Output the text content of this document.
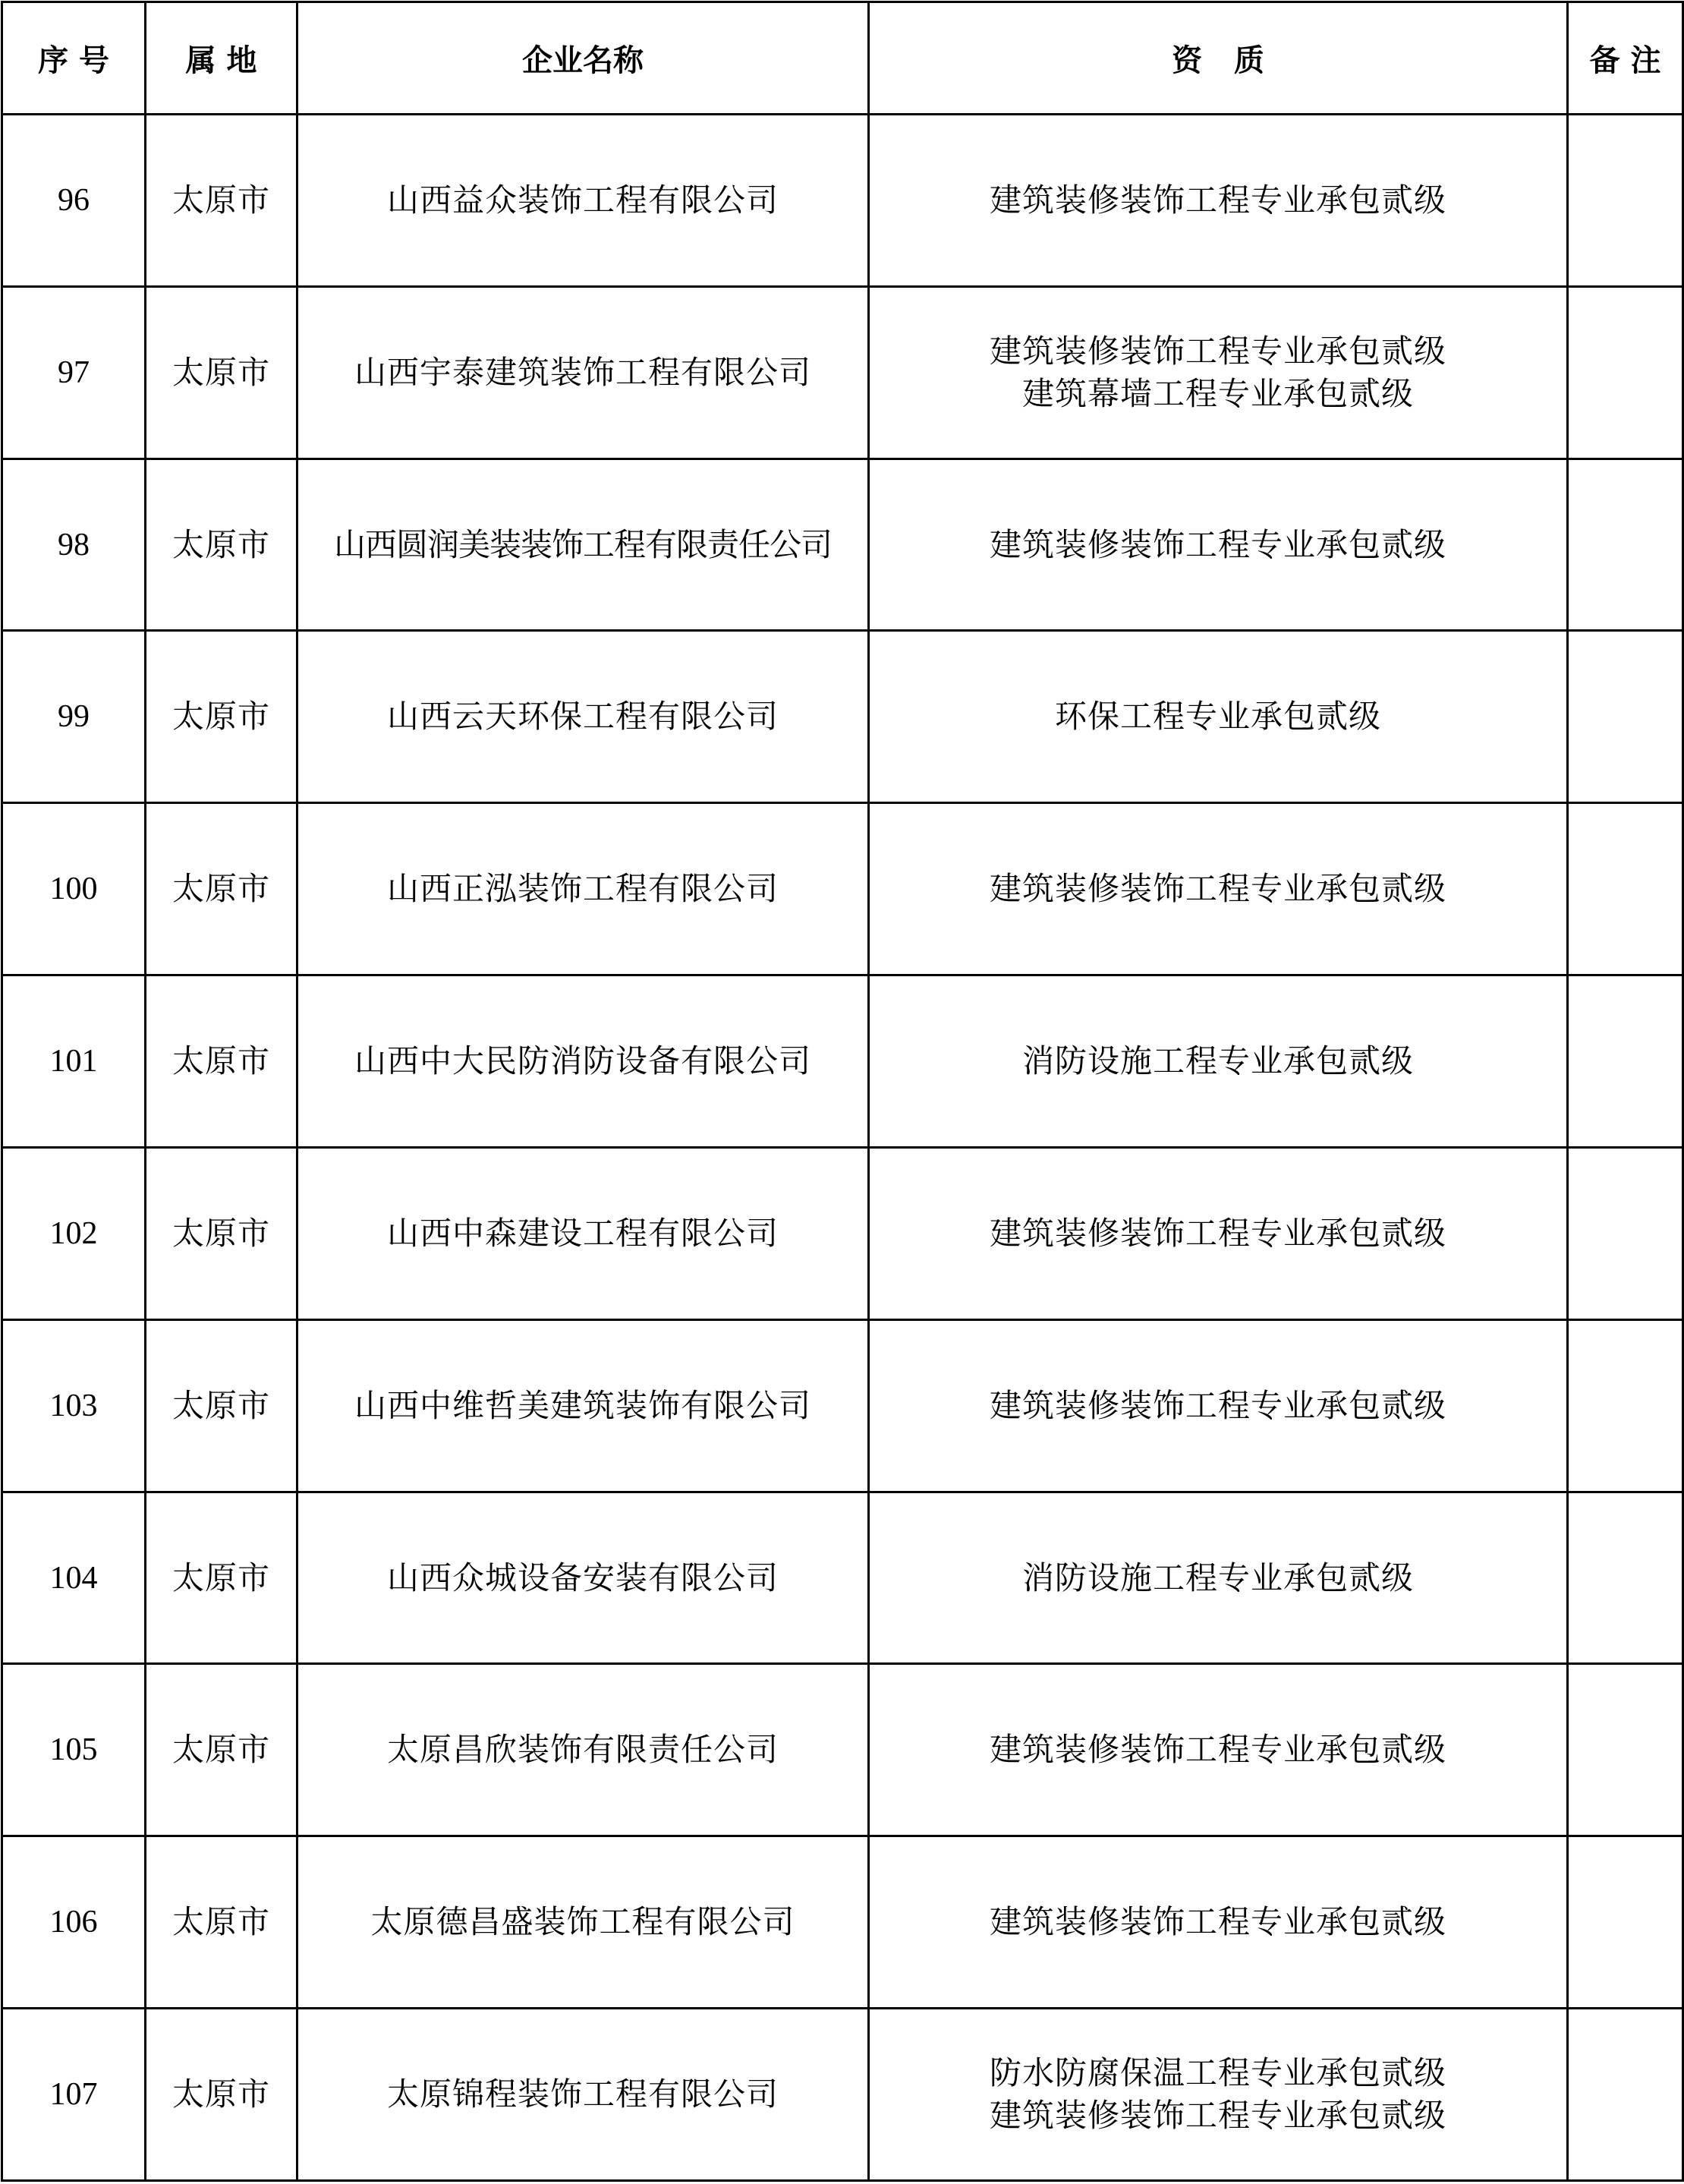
序 号	属 地	企业名称	资   质	备 注
96	太原市	山西益众装饰工程有限公司	建筑装修装饰工程专业承包贰级	

97	太原市	山西宇泰建筑装饰工程有限公司	建筑装修装饰工程专业承包贰级
建筑幕墙工程专业承包贰级	

98	太原市	山西圆润美装装饰工程有限责任公司	建筑装修装饰工程专业承包贰级	

99	太原市	山西云天环保工程有限公司	环保工程专业承包贰级	

100	太原市	山西正泓装饰工程有限公司	建筑装修装饰工程专业承包贰级	

101	太原市	山西中大民防消防设备有限公司	消防设施工程专业承包贰级	

102	太原市	山西中森建设工程有限公司	建筑装修装饰工程专业承包贰级	

103	太原市	山西中维哲美建筑装饰有限公司	建筑装修装饰工程专业承包贰级	

104	太原市	山西众城设备安装有限公司	消防设施工程专业承包贰级	

105	太原市	太原昌欣装饰有限责任公司	建筑装修装饰工程专业承包贰级	

106	太原市	太原德昌盛装饰工程有限公司	建筑装修装饰工程专业承包贰级	

107	太原市	太原锦程装饰工程有限公司	防水防腐保温工程专业承包贰级
建筑装修装饰工程专业承包贰级	
